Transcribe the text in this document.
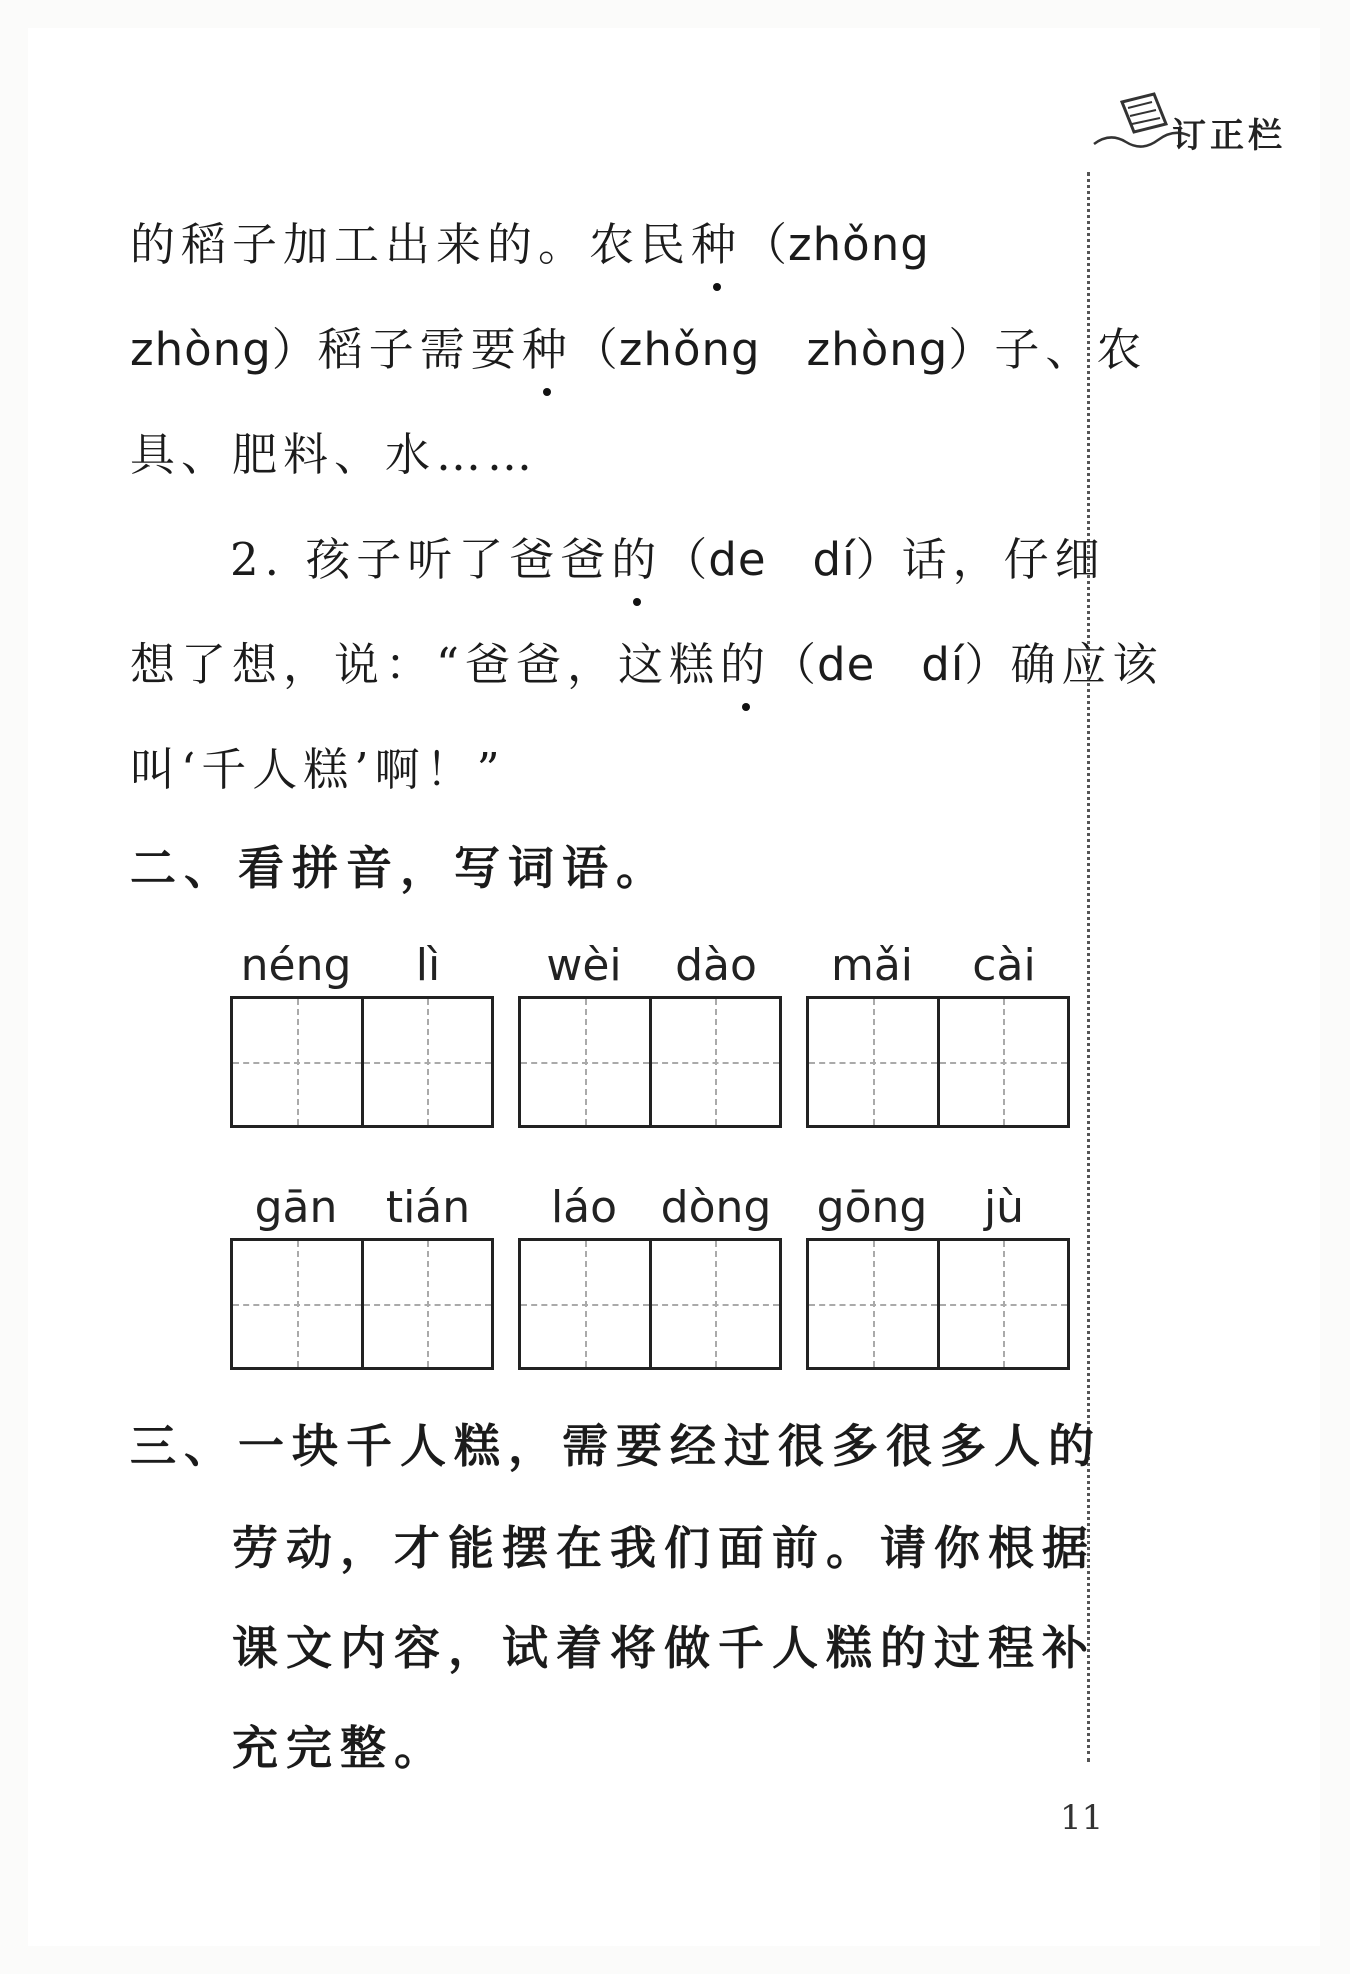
订正栏
的稻子加工出来的。农民种（zhǒng
zhòng）稻子需要种（zhǒng　zhòng）子、农
具、肥料、水……
2. 孩子听了爸爸的（de　dí）话，仔细
想了想，说：“爸爸，这糕的（de　dí）确应该
叫‘千人糕’啊！”
二、看拼音，写词语。
néng	lì	wèi	dào	mǎi	cài
gān	tián	láo dòng gōng	jù
三、一块千人糕，需要经过很多很多人的
劳动，才能摆在我们面前。请你根据
课文内容，试着将做千人糕的过程补
充完整。
11
